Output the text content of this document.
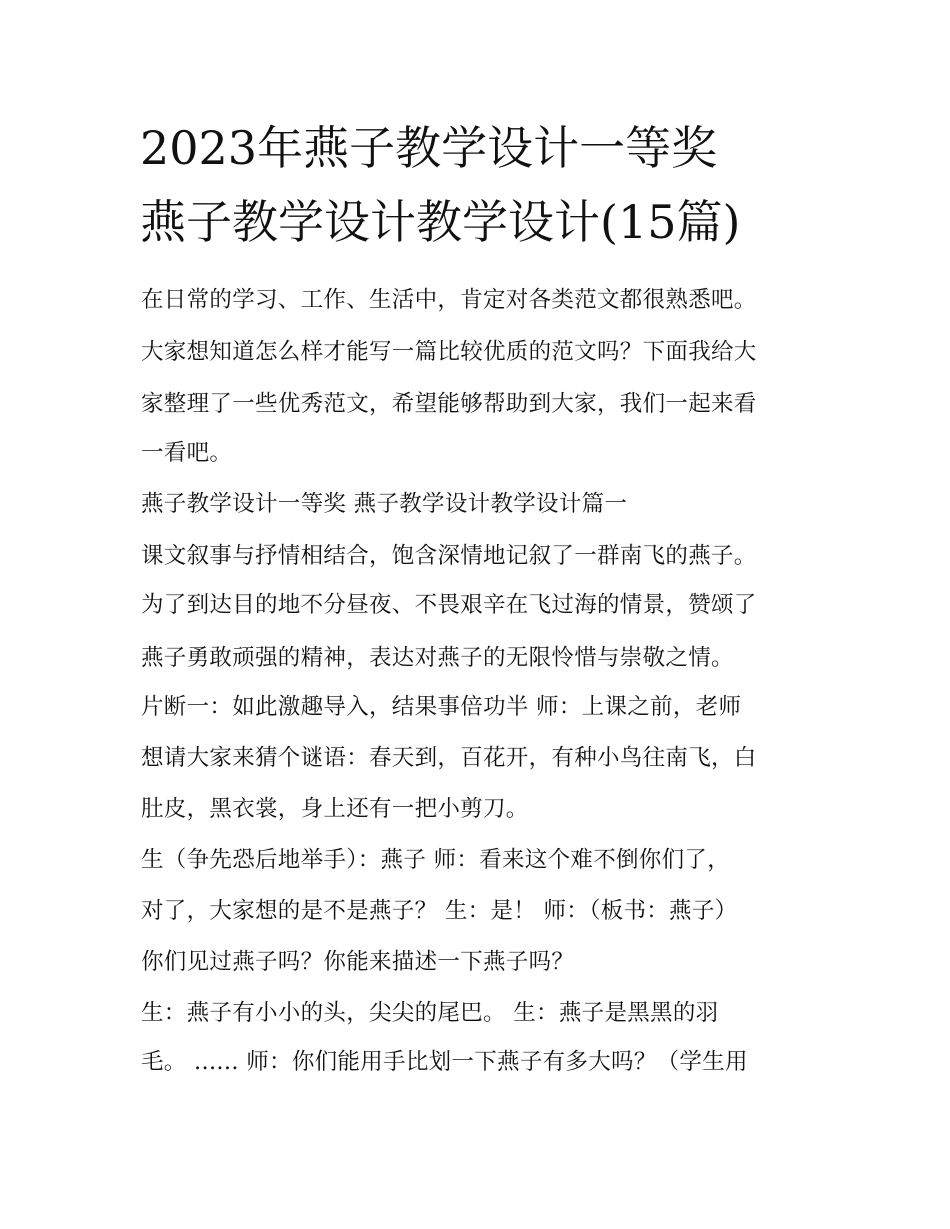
2023年燕子教学设计一等奖
燕子教学设计教学设计(15篇)
在日常的学习、工作、生活中，肯定对各类范文都很熟悉吧。
大家想知道怎么样才能写一篇比较优质的范文吗？下面我给大
家整理了一些优秀范文，希望能够帮助到大家，我们一起来看
一看吧。
燕子教学设计一等奖 燕子教学设计教学设计篇一
课文叙事与抒情相结合，饱含深情地记叙了一群南飞的燕子。
为了到达目的地不分昼夜、不畏艰辛在飞过海的情景，赞颂了
燕子勇敢顽强的精神，表达对燕子的无限怜惜与崇敬之情。
片断一：如此激趣导入，结果事倍功半 师：上课之前，老师
想请大家来猜个谜语：春天到，百花开，有种小鸟往南飞，白
肚皮，黑衣裳，身上还有一把小剪刀。
生（争先恐后地举手）：燕子 师：看来这个难不倒你们了，
对了，大家想的是不是燕子？ 生：是！ 师：（板书：燕子）
你们见过燕子吗？你能来描述一下燕子吗？
生：燕子有小小的头，尖尖的尾巴。 生：燕子是黑黑的羽
毛。 ...... 师：你们能用手比划一下燕子有多大吗？（学生用
